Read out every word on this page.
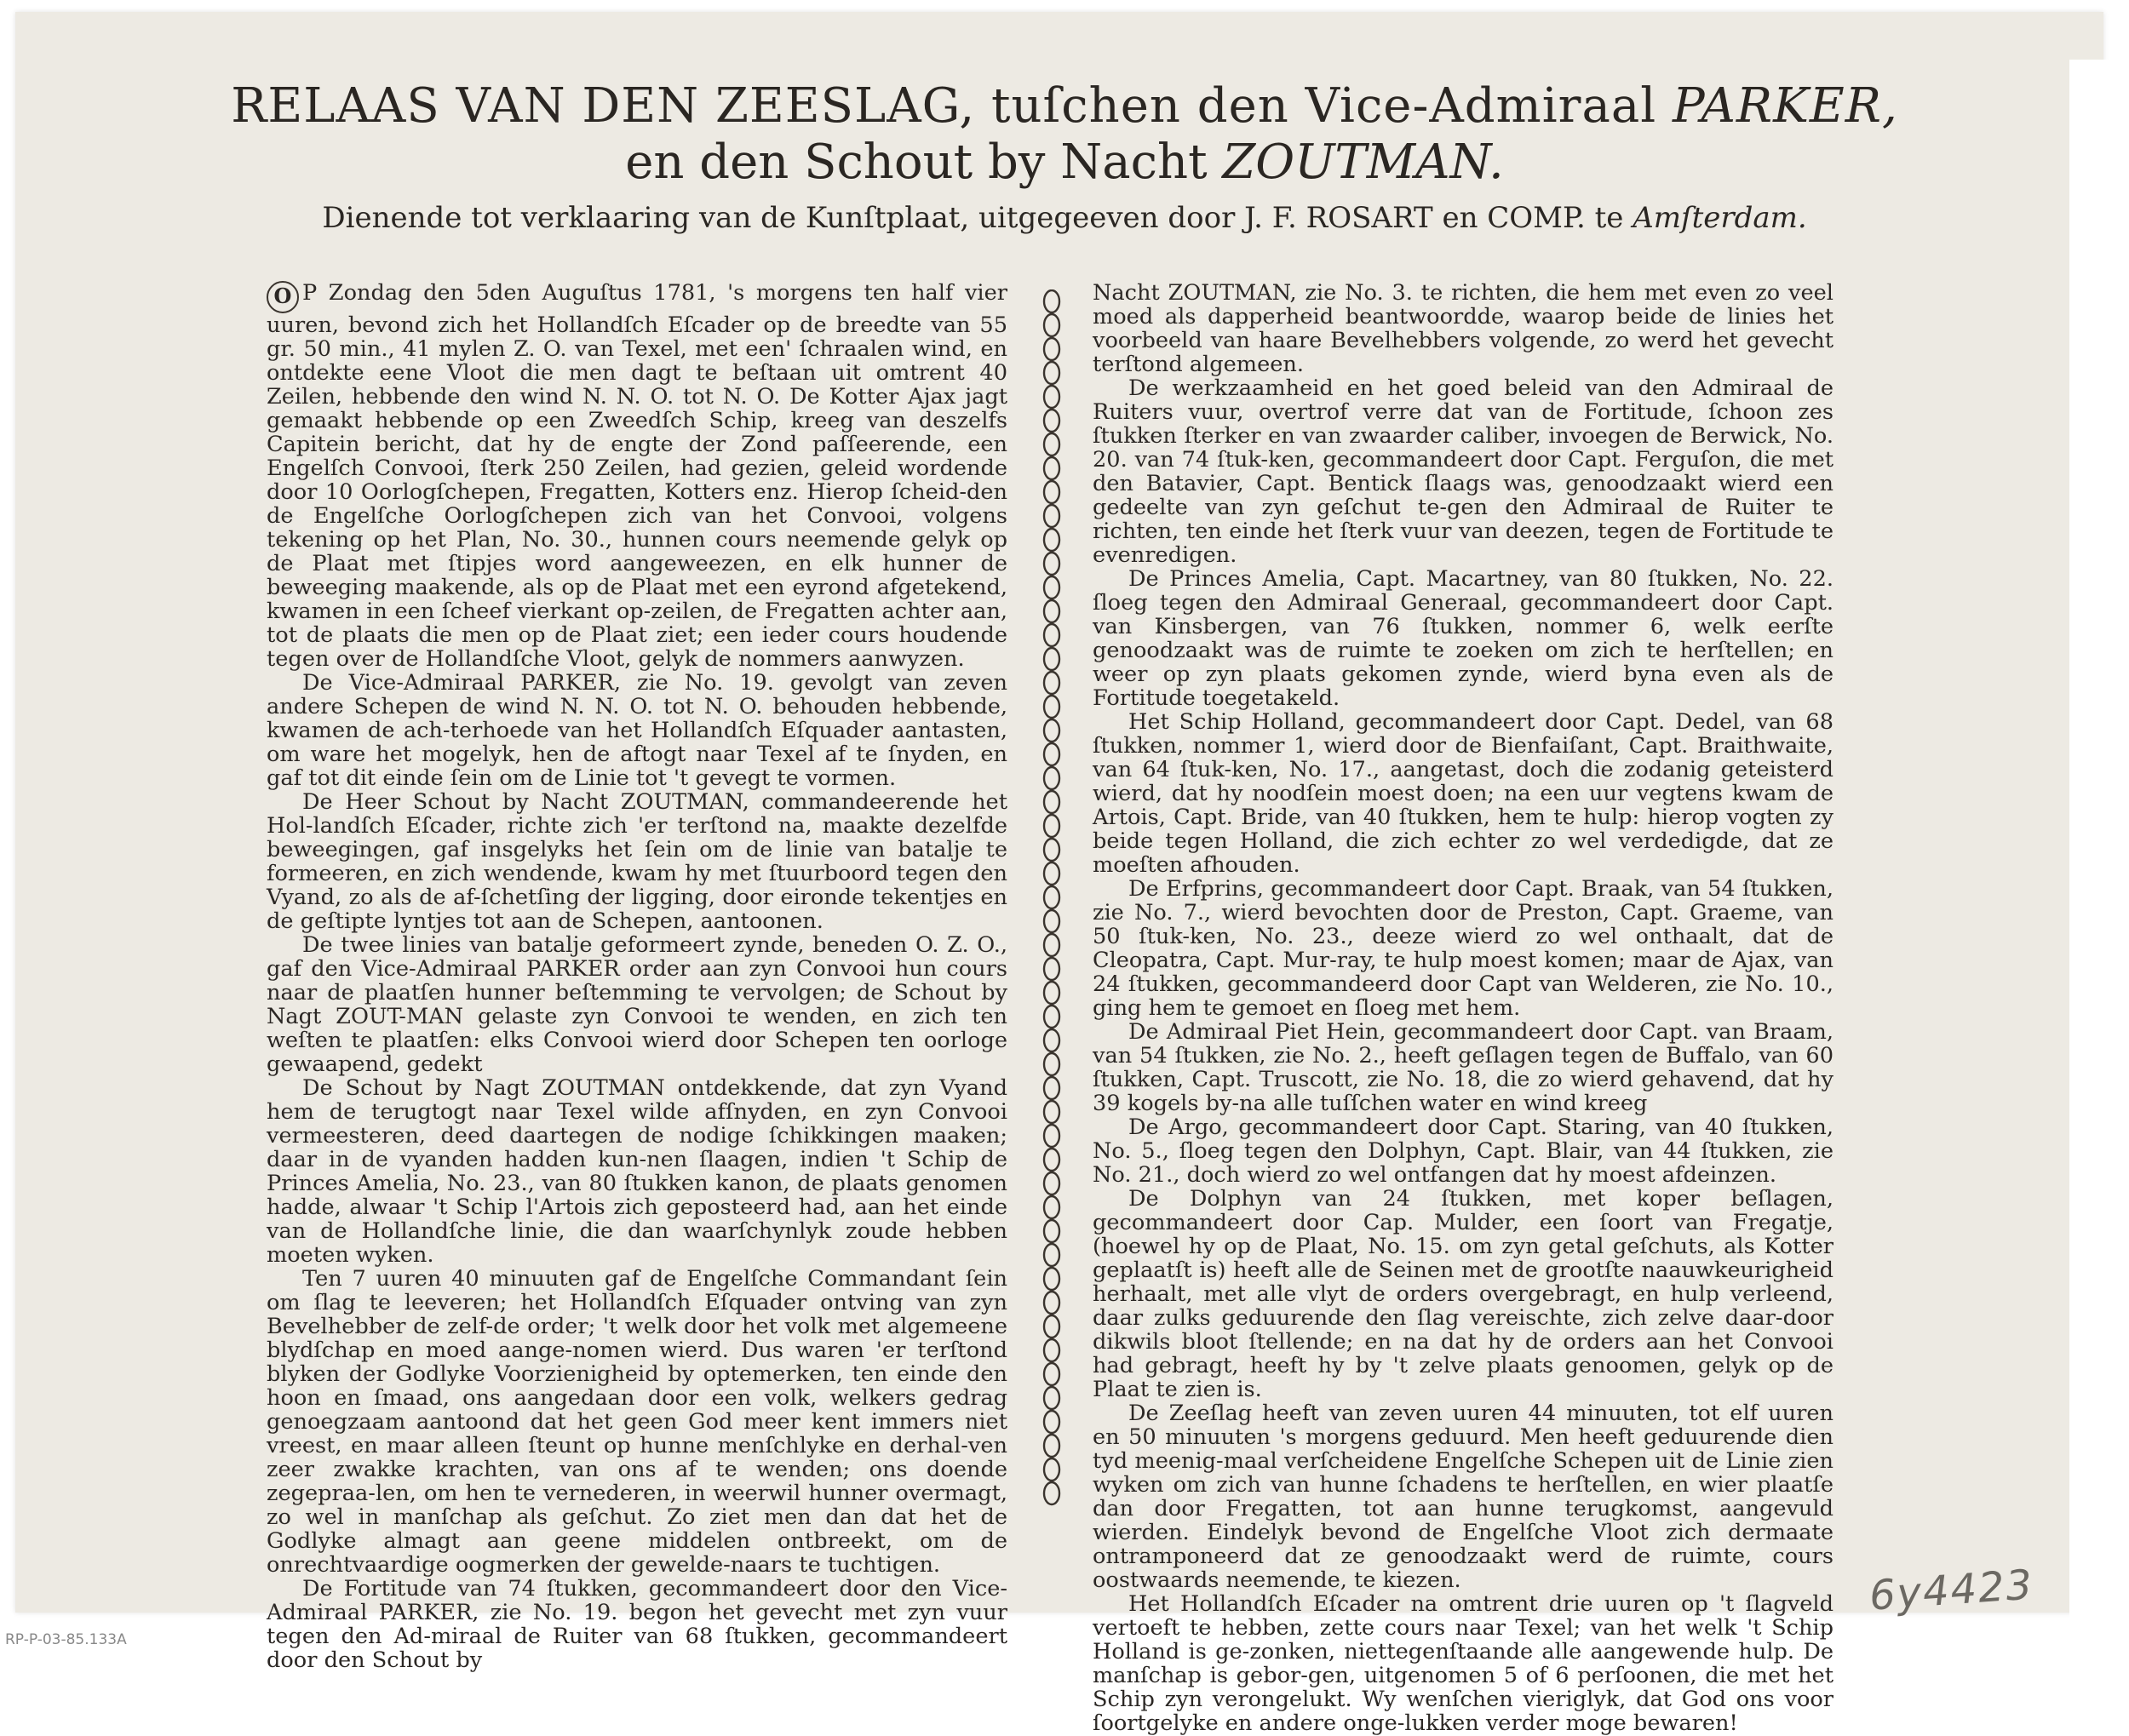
RELAAS VAN DEN ZEESLAG, tuſchen den Vice-Admiraal PARKER,
en den Schout by Nacht ZOUTMAN.
Dienende tot verklaaring van de Kunſtplaat, uitgegeeven door J. F. ROSART en COMP. te Amſterdam.

O P Zondag den 5den Auguſtus 1781, 's morgens ten half vier uuren, bevond zich het Hollandſch Eſcader op de breedte van 55 gr. 50 min., 41 mylen Z. O. van Texel, met een' ſchraalen wind, en ontdekte eene Vloot die men dagt te beſtaan uit omtrent 40 Zeilen, hebbende den wind N. N. O. tot N. O. De Kotter Ajax jagt gemaakt hebbende op een Zweedſch Schip, kreeg van deszelfs Capitein bericht, dat hy de engte der Zond paſſeerende, een Engelſch Convooi, ſterk 250 Zeilen, had gezien, geleid wordende door 10 Oorlogſchepen, Fregatten, Kotters enz. Hierop ſcheid-den de Engelſche Oorlogſchepen zich van het Convooi, volgens tekening op het Plan, No. 30., hunnen cours neemende gelyk op de Plaat met ſtipjes word aangeweezen, en elk hunner de beweeging maakende, als op de Plaat met een eyrond afgetekend, kwamen in een ſcheef vierkant op-zeilen, de Fregatten achter aan, tot de plaats die men op de Plaat ziet; een ieder cours houdende tegen over de Hollandſche Vloot, gelyk de nommers aanwyzen.

De Vice-Admiraal PARKER, zie No. 19. gevolgt van zeven andere Schepen de wind N. N. O. tot N. O. behouden hebbende, kwamen de ach-terhoede van het Hollandſch Eſquader aantasten, om ware het mogelyk, hen de aftogt naar Texel af te ſnyden, en gaf tot dit einde ſein om de Linie tot 't gevegt te vormen.

De Heer Schout by Nacht ZOUTMAN, commandeerende het Hol-landſch Eſcader, richte zich 'er terſtond na, maakte dezelfde beweegingen, gaf insgelyks het ſein om de linie van batalje te formeeren, en zich wendende, kwam hy met ſtuurboord tegen den Vyand, zo als de af-ſchetſing der ligging, door eironde tekentjes en de geſtipte lyntjes tot aan de Schepen, aantoonen.

De twee linies van batalje geformeert zynde, beneden O. Z. O., gaf den Vice-Admiraal PARKER order aan zyn Convooi hun cours naar de plaatſen hunner beſtemming te vervolgen; de Schout by Nagt ZOUT-MAN gelaste zyn Convooi te wenden, en zich ten weſten te plaatſen: elks Convooi wierd door Schepen ten oorloge gewaapend, gedekt

De Schout by Nagt ZOUTMAN ontdekkende, dat zyn Vyand hem de terugtogt naar Texel wilde afſnyden, en zyn Convooi vermeesteren, deed daartegen de nodige ſchikkingen maaken; daar in de vyanden hadden kun-nen ſlaagen, indien 't Schip de Princes Amelia, No. 23., van 80 ſtukken kanon, de plaats genomen hadde, alwaar 't Schip l'Artois zich geposteerd had, aan het einde van de Hollandſche linie, die dan waarſchynlyk zoude hebben moeten wyken.

Ten 7 uuren 40 minuuten gaf de Engelſche Commandant ſein om ſlag te leeveren; het Hollandſch Eſquader ontving van zyn Bevelhebber de zelf-de order; 't welk door het volk met algemeene blydſchap en moed aange-nomen wierd. Dus waren 'er terſtond blyken der Godlyke Voorzienigheid by optemerken, ten einde den hoon en ſmaad, ons aangedaan door een volk, welkers gedrag genoegzaam aantoond dat het geen God meer kent immers niet vreest, en maar alleen ſteunt op hunne menſchlyke en derhal-ven zeer zwakke krachten, van ons af te wenden; ons doende zegepraa-len, om hen te vernederen, in weerwil hunner overmagt, zo wel in manſchap als geſchut. Zo ziet men dan dat het de Godlyke almagt aan geene middelen ontbreekt, om de onrechtvaardige oogmerken der gewelde-naars te tuchtigen.

De Fortitude van 74 ſtukken, gecommandeert door den Vice-Admiraal PARKER, zie No. 19. begon het gevecht met zyn vuur tegen den Ad-miraal de Ruiter van 68 ſtukken, gecommandeert door den Schout by

Nacht ZOUTMAN, zie No. 3. te richten, die hem met even zo veel moed als dapperheid beantwoordde, waarop beide de linies het voorbeeld van haare Bevelhebbers volgende, zo werd het gevecht terſtond algemeen.

De werkzaamheid en het goed beleid van den Admiraal de Ruiters vuur, overtrof verre dat van de Fortitude, ſchoon zes ſtukken ſterker en van zwaarder caliber, invoegen de Berwick, No. 20. van 74 ſtuk-ken, gecommandeert door Capt. Ferguſon, die met den Batavier, Capt. Bentick ſlaags was, genoodzaakt wierd een gedeelte van zyn geſchut te-gen den Admiraal de Ruiter te richten, ten einde het ſterk vuur van deezen, tegen de Fortitude te evenredigen.

De Princes Amelia, Capt. Macartney, van 80 ſtukken, No. 22. ſloeg tegen den Admiraal Generaal, gecommandeert door Capt. van Kinsbergen, van 76 ſtukken, nommer 6, welk eerſte genoodzaakt was de ruimte te zoeken om zich te herſtellen; en weer op zyn plaats gekomen zynde, wierd byna even als de Fortitude toegetakeld.

Het Schip Holland, gecommandeert door Capt. Dedel, van 68 ſtukken, nommer 1, wierd door de Bienfaiſant, Capt. Braithwaite, van 64 ſtuk-ken, No. 17., aangetast, doch die zodanig geteisterd wierd, dat hy noodſein moest doen; na een uur vegtens kwam de Artois, Capt. Bride, van 40 ſtukken, hem te hulp: hierop vogten zy beide tegen Holland, die zich echter zo wel verdedigde, dat ze moeſten afhouden.

De Erfprins, gecommandeert door Capt. Braak, van 54 ſtukken, zie No. 7., wierd bevochten door de Preston, Capt. Graeme, van 50 ſtuk-ken, No. 23., deeze wierd zo wel onthaalt, dat de Cleopatra, Capt. Mur-ray, te hulp moest komen; maar de Ajax, van 24 ſtukken, gecommandeerd door Capt van Welderen, zie No. 10., ging hem te gemoet en ſloeg met hem.

De Admiraal Piet Hein, gecommandeert door Capt. van Braam, van 54 ſtukken, zie No. 2., heeft geſlagen tegen de Buffalo, van 60 ſtukken, Capt. Truscott, zie No. 18, die zo wierd gehavend, dat hy 39 kogels by-na alle tuſſchen water en wind kreeg

De Argo, gecommandeert door Capt. Staring, van 40 ſtukken, No. 5., ſloeg tegen den Dolphyn, Capt. Blair, van 44 ſtukken, zie No. 21., doch wierd zo wel ontfangen dat hy moest afdeinzen.

De Dolphyn van 24 ſtukken, met koper beſlagen, gecommandeert door Cap. Mulder, een ſoort van Fregatje, (hoewel hy op de Plaat, No. 15. om zyn getal geſchuts, als Kotter geplaatſt is) heeft alle de Seinen met de grootſte naauwkeurigheid herhaalt, met alle vlyt de orders overgebragt, en hulp verleend, daar zulks geduurende den ſlag vereischte, zich zelve daar-door dikwils bloot ſtellende; en na dat hy de orders aan het Convooi had gebragt, heeft hy by 't zelve plaats genoomen, gelyk op de Plaat te zien is.

De Zeeſlag heeft van zeven uuren 44 minuuten, tot elf uuren en 50 minuuten 's morgens geduurd. Men heeft geduurende dien tyd meenig-maal verſcheidene Engelſche Schepen uit de Linie zien wyken om zich van hunne ſchadens te herſtellen, en wier plaatſe dan door Fregatten, tot aan hunne terugkomst, aangevuld wierden. Eindelyk bevond de Engelſche Vloot zich dermaate ontramponeerd dat ze genoodzaakt werd de ruimte, cours oostwaards neemende, te kiezen.

Het Hollandſch Eſcader na omtrent drie uuren op 't ſlagveld vertoeft te hebben, zette cours naar Texel; van het welk 't Schip Holland is ge-zonken, niettegenſtaande alle aangewende hulp. De manſchap is gebor-gen, uitgenomen 5 of 6 perſoonen, die met het Schip zyn verongelukt. Wy wenſchen vieriglyk, dat God ons voor ſoortgelyke en andere onge-lukken verder moge bewaren!

6y4423
RP-P-03-85.133A
